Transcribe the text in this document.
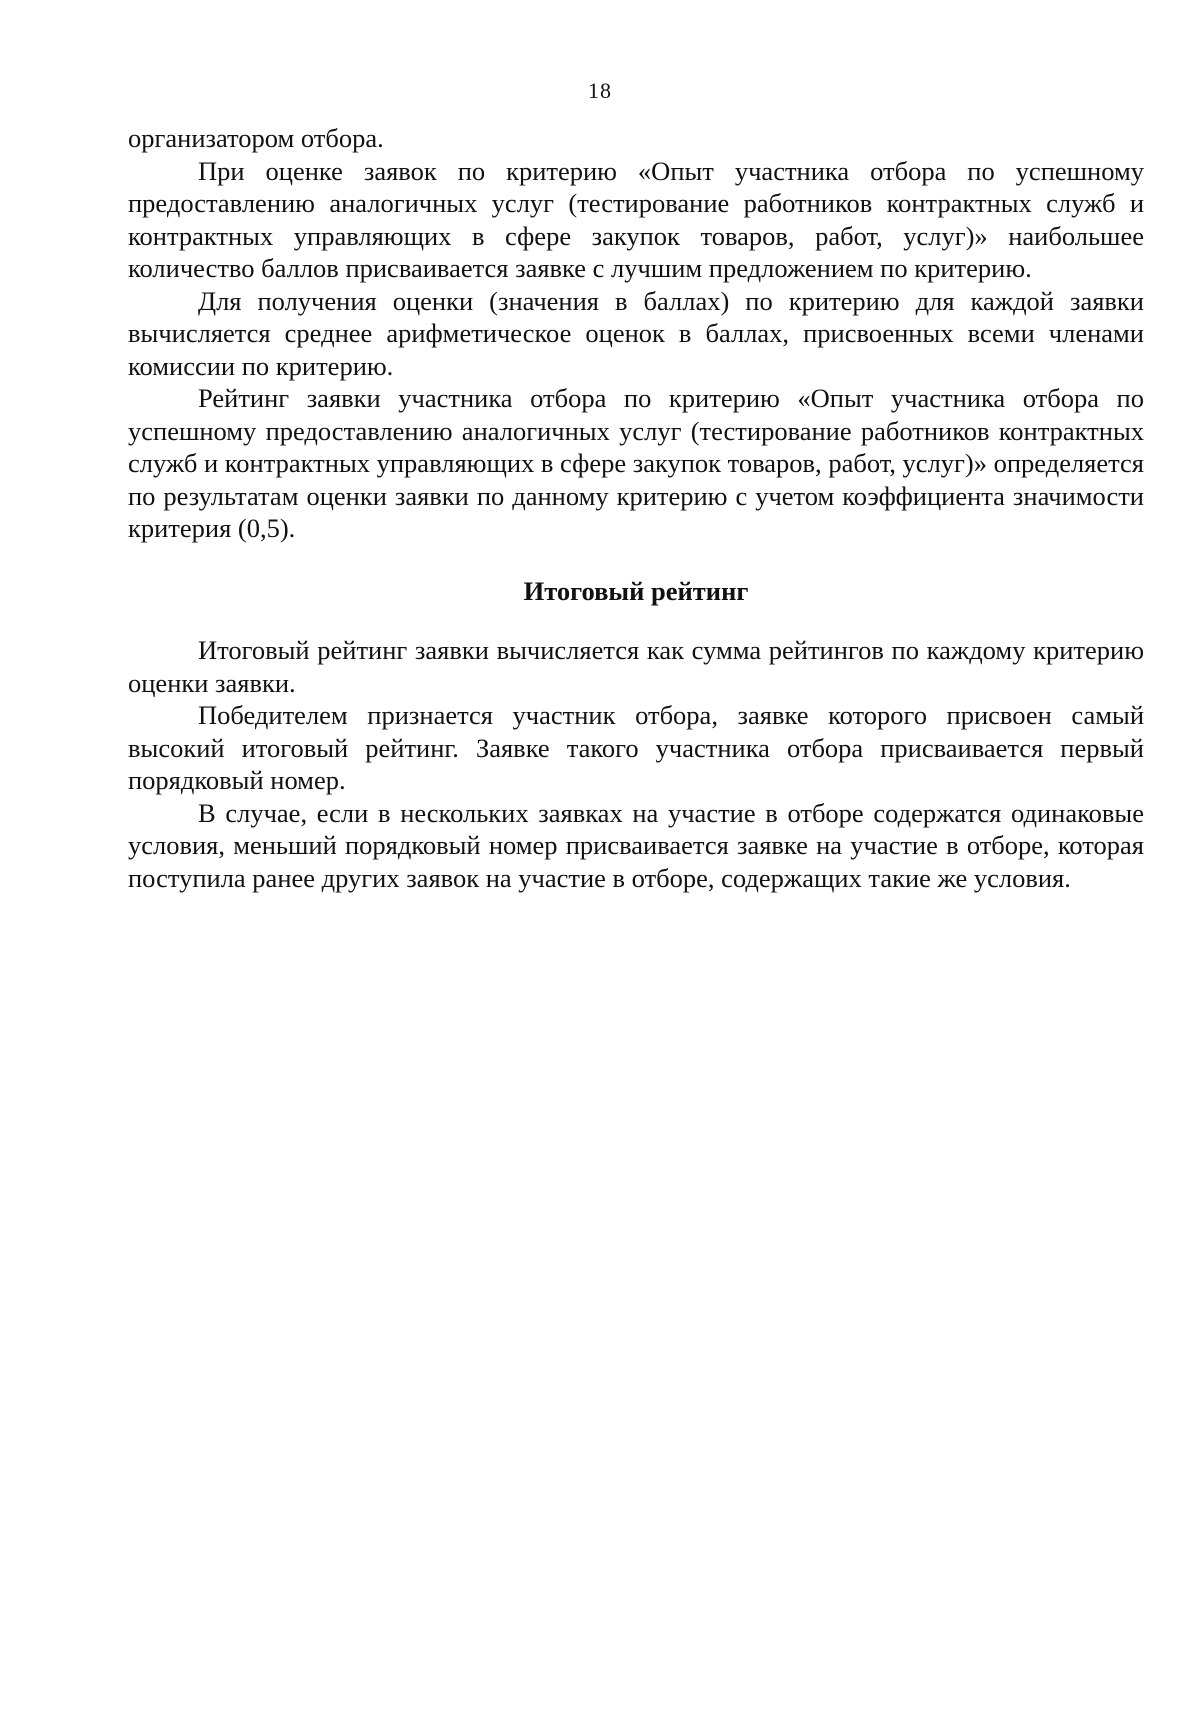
18

организатором отбора.

При оценке заявок по критерию «Опыт участника отбора по успешному предоставлению аналогичных услуг (тестирование работников контрактных служб и контрактных управляющих в сфере закупок товаров, работ, услуг)» наибольшее количество баллов присваивается заявке с лучшим предложением по критерию.

Для получения оценки (значения в баллах) по критерию для каждой заявки вычисляется среднее арифметическое оценок в баллах, присвоенных всеми членами комиссии по критерию.

Рейтинг заявки участника отбора по критерию «Опыт участника отбора по успешному предоставлению аналогичных услуг (тестирование работников контрактных служб и контрактных управляющих в сфере закупок товаров, работ, услуг)» определяется по результатам оценки заявки по данному критерию с учетом коэффициента значимости критерия (0,5).

Итоговый рейтинг

Итоговый рейтинг заявки вычисляется как сумма рейтингов по каждому критерию оценки заявки.

Победителем признается участник отбора, заявке которого присвоен самый высокий итоговый рейтинг. Заявке такого участника отбора присваивается первый порядковый номер.

В случае, если в нескольких заявках на участие в отборе содержатся одинаковые условия, меньший порядковый номер присваивается заявке на участие в отборе, которая поступила ранее других заявок на участие в отборе, содержащих такие же условия.
